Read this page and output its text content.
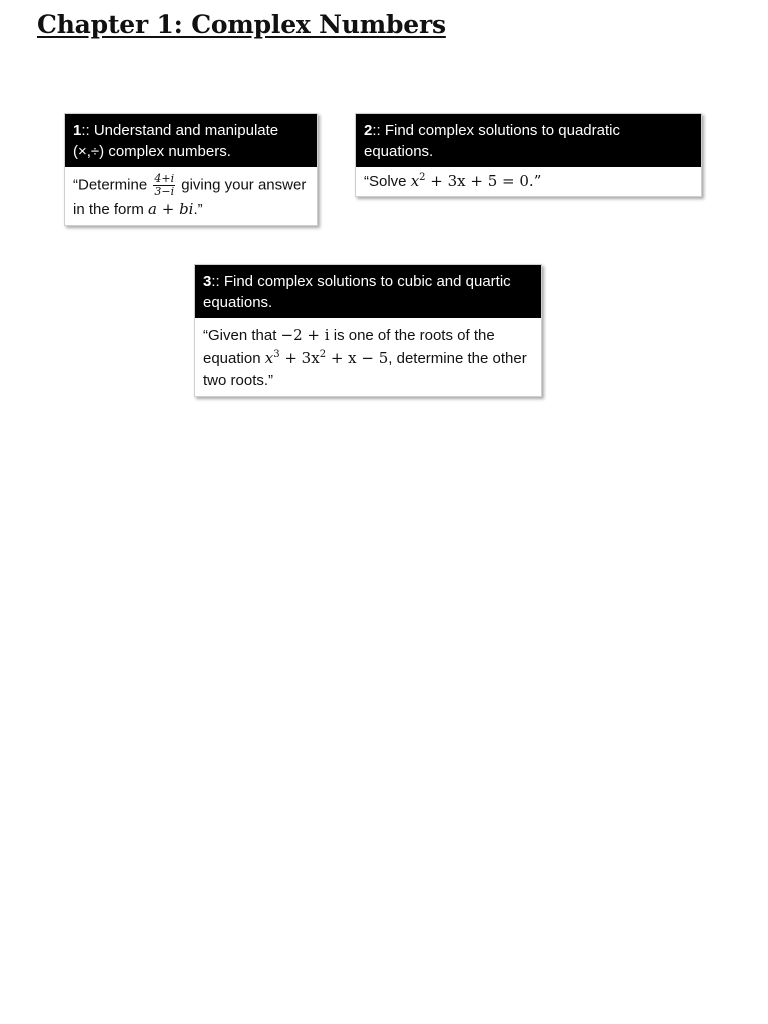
Chapter 1: Complex Numbers
1:: Understand and manipulate (×,÷) complex numbers.
“Determine $\frac{4+i}{3-i}$ giving your answer in the form a + bi.”
2:: Find complex solutions to quadratic equations.
“Solve $x^2 + 3x + 5 = 0$.”
3:: Find complex solutions to cubic and quartic equations.
“Given that −2 + i is one of the roots of the equation $x^3 + 3x^2 + x - 5$, determine the other two roots.”
